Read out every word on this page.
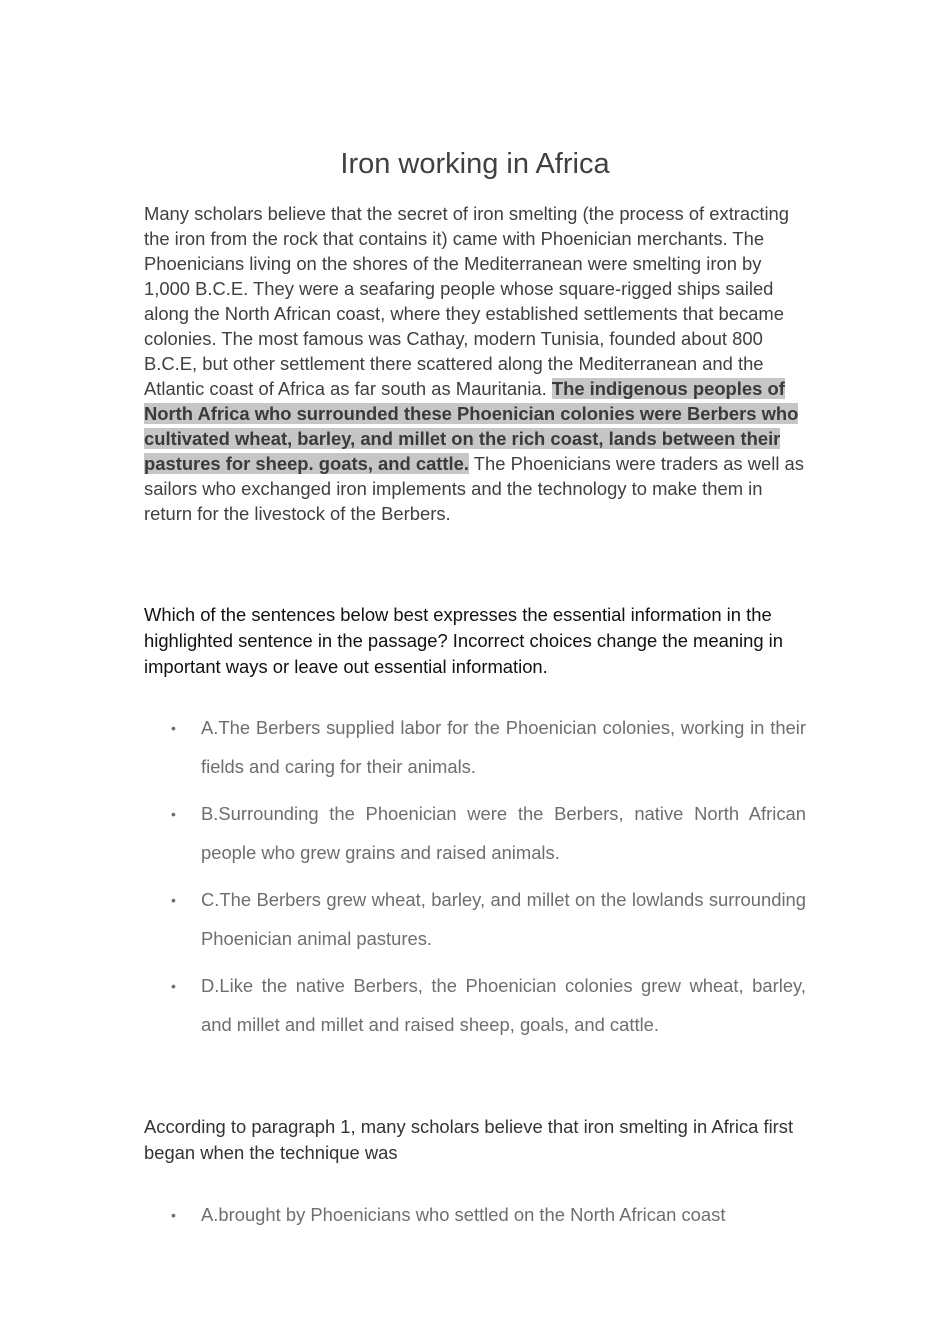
Iron working in Africa

Many scholars believe that the secret of iron smelting (the process of extracting the iron from the rock that contains it) came with Phoenician merchants. The Phoenicians living on the shores of the Mediterranean were smelting iron by 1,000 B.C.E. They were a seafaring people whose square-rigged ships sailed along the North African coast, where they established settlements that became colonies. The most famous was Cathay, modern Tunisia, founded about 800 B.C.E, but other settlement there scattered along the Mediterranean and the Atlantic coast of Africa as far south as Mauritania. The indigenous peoples of North Africa who surrounded these Phoenician colonies were Berbers who cultivated wheat, barley, and millet on the rich coast, lands between their pastures for sheep. goats, and cattle. The Phoenicians were traders as well as sailors who exchanged iron implements and the technology to make them in return for the livestock of the Berbers.

Which of the sentences below best expresses the essential information in the highlighted sentence in the passage? Incorrect choices change the meaning in important ways or leave out essential information.

• A.The Berbers supplied labor for the Phoenician colonies, working in their fields and caring for their animals.
• B.Surrounding the Phoenician were the Berbers, native North African people who grew grains and raised animals.
• C.The Berbers grew wheat, barley, and millet on the lowlands surrounding Phoenician animal pastures.
• D.Like the native Berbers, the Phoenician colonies grew wheat, barley, and millet and millet and raised sheep, goals, and cattle.

According to paragraph 1, many scholars believe that iron smelting in Africa first began when the technique was

• A.brought by Phoenicians who settled on the North African coast
